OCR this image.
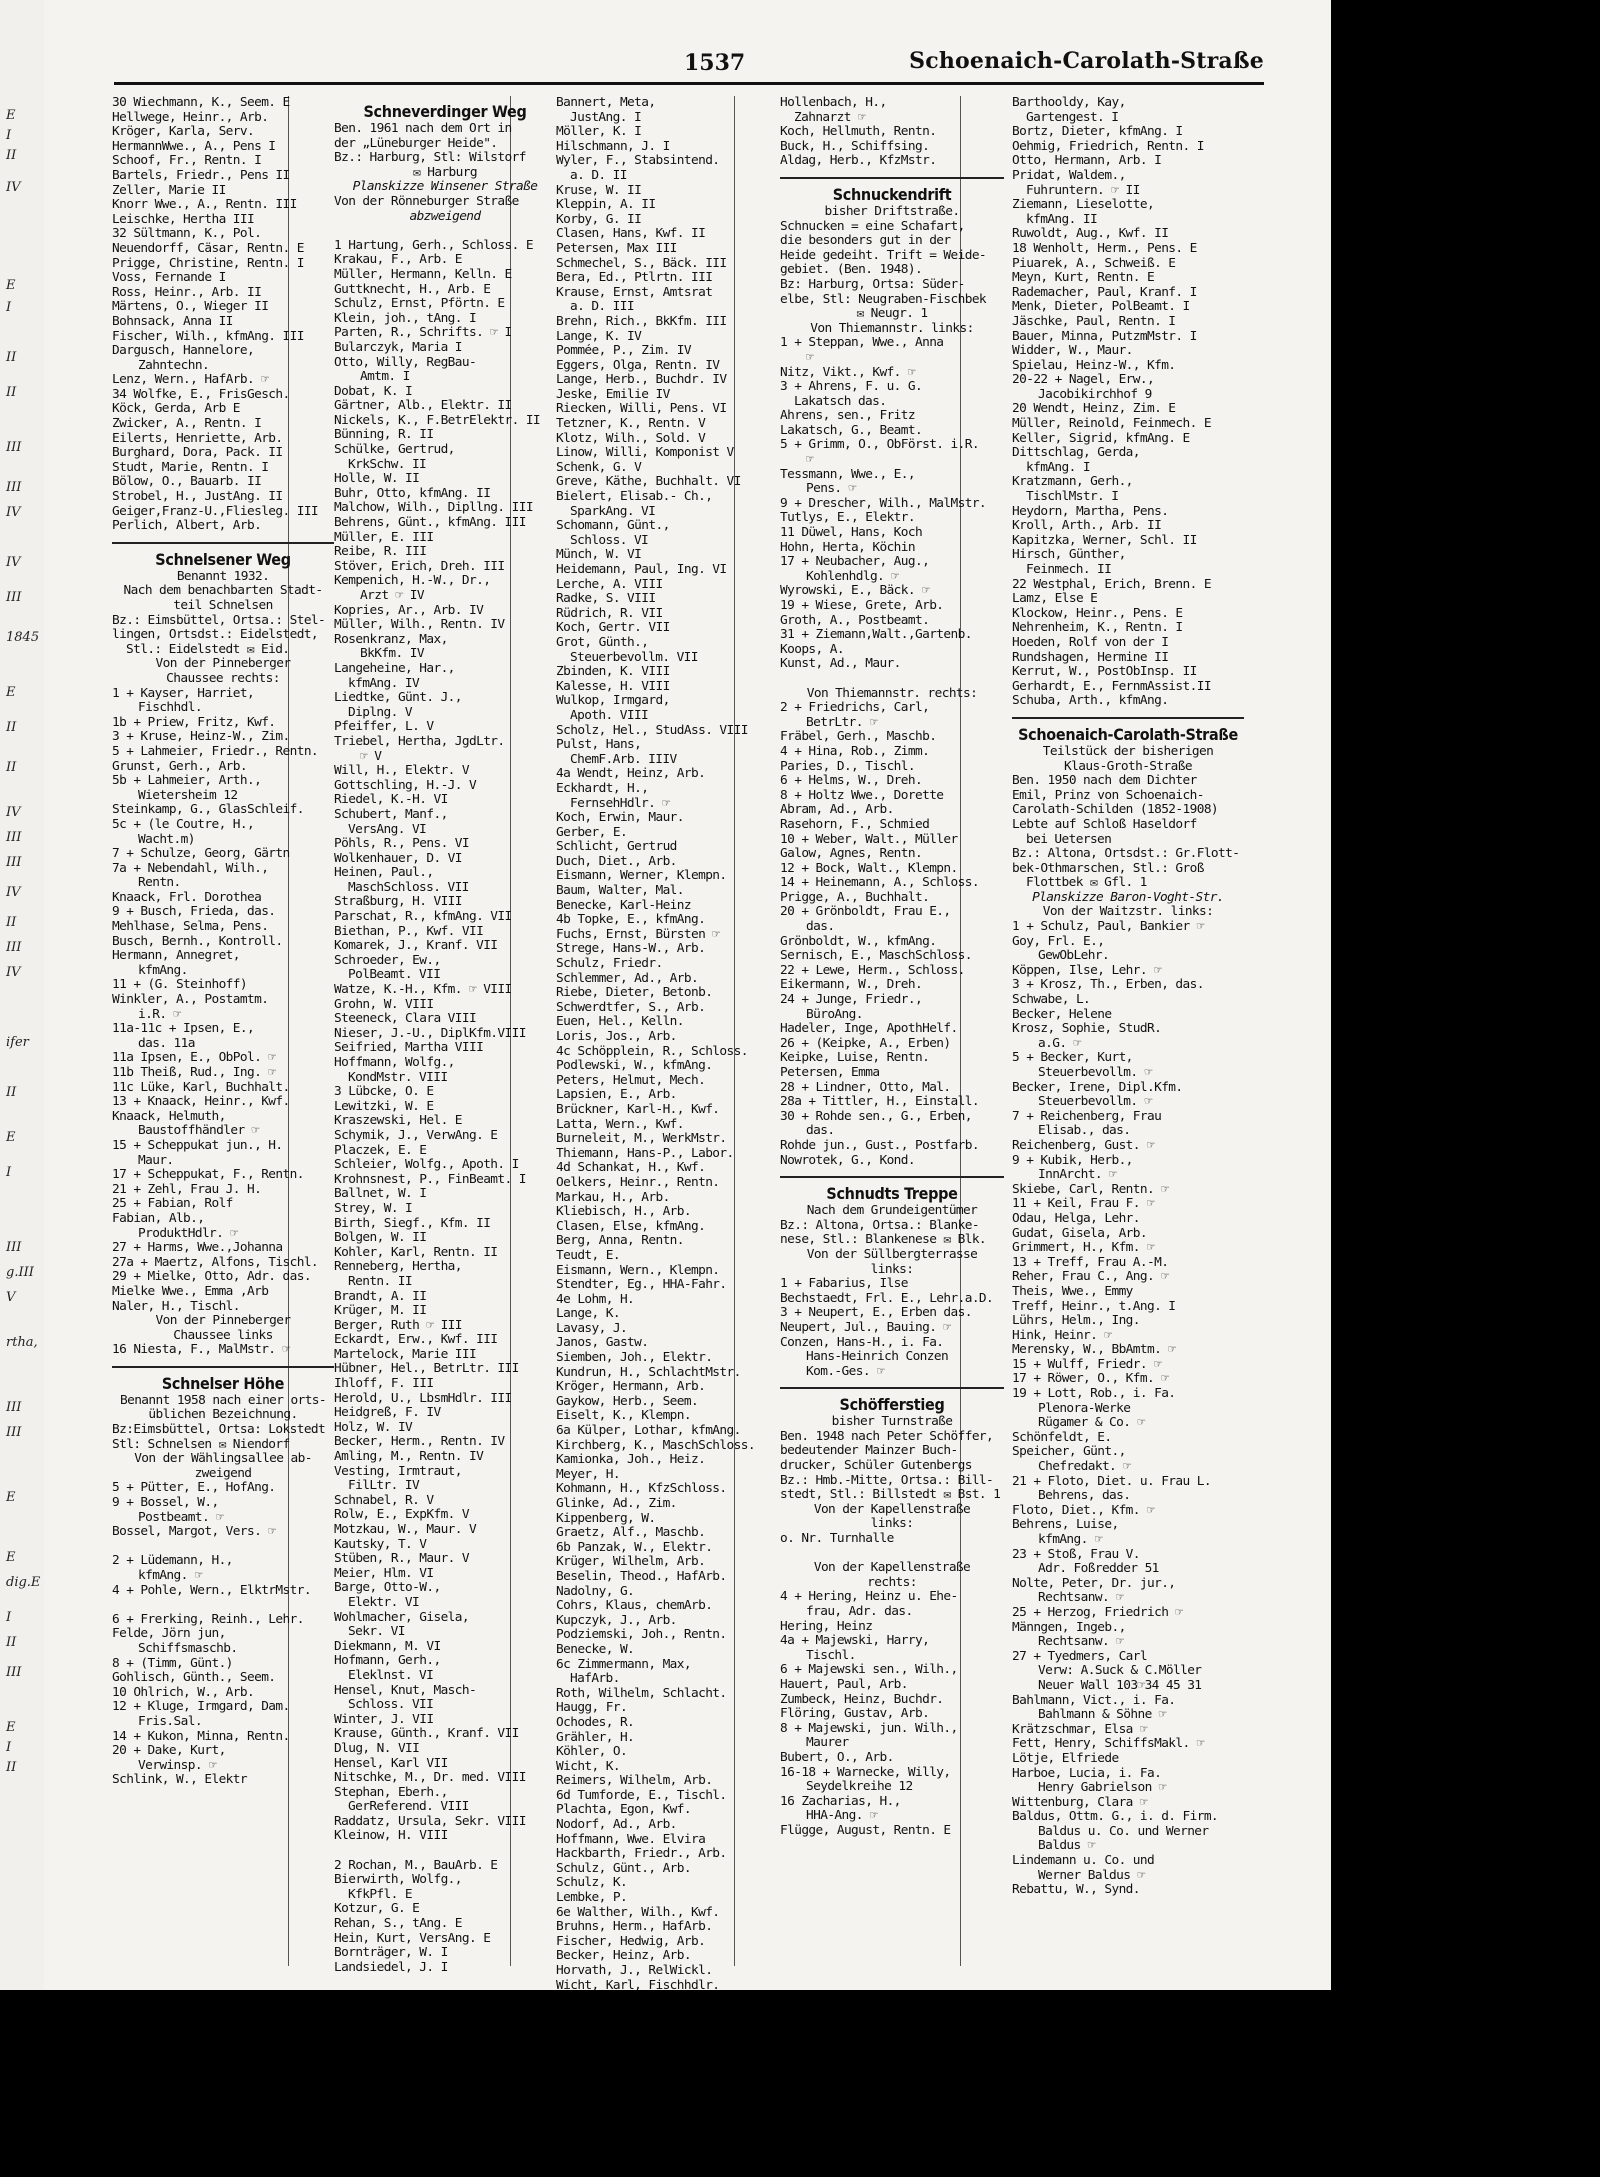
E
I
II
IV
E
I
II
II
III
III
IV
IV
III
1845
E
II
II
IV
III
III
IV
II
III
IV
ifer
II
E
I
III
g.III
V
rtha,
III
III
E
E
dig.E
I
II
III
E
I
II
1537	Schoenaich-Carolath-Straße
30 Wiechmann, K., Seem. E
Hellwege, Heinr., Arb.
Kröger, Karla, Serv.
HermannWwe., A., Pens I
Schoof, Fr., Rentn. I
Bartels, Friedr., Pens II
Zeller, Marie II
Knorr Wwe., A., Rentn. III
Leischke, Hertha III
32 Sültmann, K., Pol.
Neuendorff, Cäsar, Rentn. E
Prigge, Christine, Rentn. I
Voss, Fernande I
Ross, Heinr., Arb. II
Märtens, O., Wieger II
Bohnsack, Anna II
Fischer, Wilh., kfmAng. III
Dargusch, Hannelore,
Zahntechn.
Lenz, Wern., HafArb. ☞
34 Wolfke, E., FrisGesch.
Köck, Gerda, Arb E
Zwicker, A., Rentn. I
Eilerts, Henriette, Arb.
Burghard, Dora, Pack. II
Studt, Marie, Rentn. I
Bölow, O., Bauarb. II
Strobel, H., JustAng. II
Geiger,Franz-U.,Fliesleg. III
Perlich, Albert, Arb.
Schnelsener Weg
Benannt 1932.
Nach dem benachbarten Stadt-
teil Schnelsen
Bz.: Eimsbüttel, Ortsa.: Stel-
lingen, Ortsdst.: Eidelstedt,
Stl.: Eidelstedt ✉ Eid.
Von der Pinneberger
Chaussee rechts:
1 + Kayser, Harriet,
Fischhdl.
1b + Priew, Fritz, Kwf.
3 + Kruse, Heinz-W., Zim.
5 + Lahmeier, Friedr., Rentn.
Grunst, Gerh., Arb.
5b + Lahmeier, Arth.,
Wietersheim 12
Steinkamp, G., GlasSchleif.
5c + (le Coutre, H.,
Wacht.m)
7 + Schulze, Georg, Gärtn
7a + Nebendahl, Wilh.,
Rentn.
Knaack, Frl. Dorothea
9 + Busch, Frieda, das.
Mehlhase, Selma, Pens.
Busch, Bernh., Kontroll.
Hermann, Annegret,
kfmAng.
11 + (G. Steinhoff)
Winkler, A., Postamtm.
i.R. ☞
11a-11c + Ipsen, E.,
das. 11a
11a Ipsen, E., ObPol. ☞
11b Theiß, Rud., Ing. ☞
11c Lüke, Karl, Buchhalt.
13 + Knaack, Heinr., Kwf.
Knaack, Helmuth,
Baustoffhändler ☞
15 + Scheppukat jun., H.
Maur.
17 + Scheppukat, F., Rentn.
21 + Zehl, Frau J. H.
25 + Fabian, Rolf
Fabian, Alb.,
ProduktHdlr. ☞
27 + Harms, Wwe.,Johanna
27a + Maertz, Alfons, Tischl.
29 + Mielke, Otto, Adr. das.
Mielke Wwe., Emma ,Arb
Naler, H., Tischl.
Von der Pinneberger
Chaussee links
16 Niesta, F., MalMstr. ☞
Schnelser Höhe
Benannt 1958 nach einer orts-
üblichen Bezeichnung.
Bz:Eimsbüttel, Ortsa: Lokstedt
Stl: Schnelsen ✉ Niendorf
Von der Wählingsallee ab-
zweigend
5 + Pütter, E., HofAng.
9 + Bossel, W.,
Postbeamt. ☞
Bossel, Margot, Vers. ☞

2 + Lüdemann, H.,
kfmAng. ☞
4 + Pohle, Wern., ElktrMstr.

6 + Frerking, Reinh., Lehr.
Felde, Jörn jun,
Schiffsmaschb.
8 + (Timm, Günt.)
Gohlisch, Günth., Seem.
10 Ohlrich, W., Arb.
12 + Kluge, Irmgard, Dam.
Fris.Sal.
14 + Kukon, Minna, Rentn.
20 + Dake, Kurt,
Verwinsp. ☞
Schlink, W., Elektr
Schneverdinger Weg
Ben. 1961 nach dem Ort in
der „Lüneburger Heide".
Bz.: Harburg, Stl: Wilstorf
✉ Harburg
Planskizze Winsener Straße
Von der Rönneburger Straße
abzweigend

1 Hartung, Gerh., Schloss. E
Krakau, F., Arb. E
Müller, Hermann, Kelln. E
Guttknecht, H., Arb. E
Schulz, Ernst, Pförtn. E
Klein, joh., tAng. I
Parten, R., Schrifts. ☞ I
Bularczyk, Maria I
Otto, Willy, RegBau-
Amtm. I
Dobat, K. I
Gärtner, Alb., Elektr. II
Nickels, K., F.BetrElektr. II
Bünning, R. II
Schülke, Gertrud,
KrkSchw. II
Holle, W. II
Buhr, Otto, kfmAng. II
Malchow, Wilh., Dipllng. III
Behrens, Günt., kfmAng. III
Müller, E. III
Reibe, R. III
Stöver, Erich, Dreh. III
Kempenich, H.-W., Dr.,
Arzt ☞ IV
Kopries, Ar., Arb. IV
Müller, Wilh., Rentn. IV
Rosenkranz, Max,
BkKfm. IV
Langeheine, Har.,
kfmAng. IV
Liedtke, Günt. J.,
Diplng. V
Pfeiffer, L. V
Triebel, Hertha, JgdLtr.
☞ V
Will, H., Elektr. V
Gottschling, H.-J. V
Riedel, K.-H. VI
Schubert, Manf.,
VersAng. VI
Pöhls, R., Pens. VI
Wolkenhauer, D. VI
Heinen, Paul.,
MaschSchloss. VII
Straßburg, H. VIII
Parschat, R., kfmAng. VII
Biethan, P., Kwf. VII
Komarek, J., Kranf. VII
Schroeder, Ew.,
PolBeamt. VII
Watze, K.-H., Kfm. ☞ VIII
Grohn, W. VIII
Steeneck, Clara VIII
Nieser, J.-U., DiplKfm.VIII
Seifried, Martha VIII
Hoffmann, Wolfg.,
KondMstr. VIII
3 Lübcke, O. E
Lewitzki, W. E
Kraszewski, Hel. E
Schymik, J., VerwAng. E
Placzek, E. E
Schleier, Wolfg., Apoth. I
Krohnsnest, P., FinBeamt. I
Ballnet, W. I
Strey, W. I
Birth, Siegf., Kfm. II
Bolgen, W. II
Kohler, Karl, Rentn. II
Renneberg, Hertha,
Rentn. II
Brandt, A. II
Krüger, M. II
Berger, Ruth ☞ III
Eckardt, Erw., Kwf. III
Martelock, Marie III
Hübner, Hel., BetrLtr. III
Ihloff, F. III
Herold, U., LbsmHdlr. III
Heidgreß, F. IV
Holz, W. IV
Becker, Herm., Rentn. IV
Amling, M., Rentn. IV
Vesting, Irmtraut,
FilLtr. IV
Schnabel, R. V
Rolw, E., ExpKfm. V
Motzkau, W., Maur. V
Kautsky, T. V
Stüben, R., Maur. V
Meier, Hlm. VI
Barge, Otto-W.,
Elektr. VI
Wohlmacher, Gisela,
Sekr. VI
Diekmann, M. VI
Hofmann, Gerh.,
Eleklnst. VI
Hensel, Knut, Masch-
Schloss. VII
Winter, J. VII
Krause, Günth., Kranf. VII
Dlug, N. VII
Hensel, Karl VII
Nitschke, M., Dr. med. VIII
Stephan, Eberh.,
GerReferend. VIII
Raddatz, Ursula, Sekr. VIII
Kleinow, H. VIII

2 Rochan, M., BauArb. E
Bierwirth, Wolfg.,
KfkPfl. E
Kotzur, G. E
Rehan, S., tAng. E
Hein, Kurt, VersAng. E
Bornträger, W. I
Landsiedel, J. I
Bannert, Meta,
JustAng. I
Möller, K. I
Hilschmann, J. I
Wyler, F., Stabsintend.
a. D. II
Kruse, W. II
Kleppin, A. II
Korby, G. II
Clasen, Hans, Kwf. II
Petersen, Max III
Schmechel, S., Bäck. III
Bera, Ed., Ptlrtn. III
Krause, Ernst, Amtsrat
a. D. III
Brehn, Rich., BkKfm. III
Lange, K. IV
Pommée, P., Zim. IV
Eggers, Olga, Rentn. IV
Lange, Herb., Buchdr. IV
Jeske, Emilie IV
Riecken, Willi, Pens. VI
Tetzner, K., Rentn. V
Klotz, Wilh., Sold. V
Linow, Willi, Komponist V
Schenk, G. V
Greve, Käthe, Buchhalt. VI
Bielert, Elisab.- Ch.,
SparkAng. VI
Schomann, Günt.,
Schloss. VI
Münch, W. VI
Heidemann, Paul, Ing. VI
Lerche, A. VIII
Radke, S. VIII
Rüdrich, R. VII
Koch, Gertr. VII
Grot, Günth.,
Steuerbevollm. VII
Zbinden, K. VIII
Kalesse, H. VIII
Wulkop, Irmgard,
Apoth. VIII
Scholz, Hel., StudAss. VIII
Pulst, Hans,
ChemF.Arb. IIIV
4a Wendt, Heinz, Arb.
Eckhardt, H.,
FernsehHdlr. ☞
Koch, Erwin, Maur.
Gerber, E.
Schlicht, Gertrud
Duch, Diet., Arb.
Eismann, Werner, Klempn.
Baum, Walter, Mal.
Benecke, Karl-Heinz
4b Topke, E., kfmAng.
Fuchs, Ernst, Bürsten ☞
Strege, Hans-W., Arb.
Schulz, Friedr.
Schlemmer, Ad., Arb.
Riebe, Dieter, Betonb.
Schwerdtfer, S., Arb.
Euen, Hel., Kelln.
Loris, Jos., Arb.
4c Schöpplein, R., Schloss.
Podlewski, W., kfmAng.
Peters, Helmut, Mech.
Lapsien, E., Arb.
Brückner, Karl-H., Kwf.
Latta, Wern., Kwf.
Burneleit, M., WerkMstr.
Thiemann, Hans-P., Labor.
4d Schankat, H., Kwf.
Oelkers, Heinr., Rentn.
Markau, H., Arb.
Kliebisch, H., Arb.
Clasen, Else, kfmAng.
Berg, Anna, Rentn.
Teudt, E.
Eismann, Wern., Klempn.
Stendter, Eg., HHA-Fahr.
4e Lohm, H.
Lange, K.
Lavasy, J.
Janos, Gastw.
Siemben, Joh., Elektr.
Kundrun, H., SchlachtMstr.
Kröger, Hermann, Arb.
Gaykow, Herb., Seem.
Eiselt, K., Klempn.
6a Külper, Lothar, kfmAng.
Kirchberg, K., MaschSchloss.
Kamionka, Joh., Heiz.
Meyer, H.
Kohmann, H., KfzSchloss.
Glinke, Ad., Zim.
Kippenberg, W.
Graetz, Alf., Maschb.
6b Panzak, W., Elektr.
Krüger, Wilhelm, Arb.
Beselin, Theod., HafArb.
Nadolny, G.
Cohrs, Klaus, chemArb.
Kupczyk, J., Arb.
Podziemski, Joh., Rentn.
Benecke, W.
6c Zimmermann, Max,
HafArb.
Roth, Wilhelm, Schlacht.
Haugg, Fr.
Ochodes, R.
Grähler, H.
Köhler, O.
Wicht, K.
Reimers, Wilhelm, Arb.
6d Tumforde, E., Tischl.
Plachta, Egon, Kwf.
Nodorf, Ad., Arb.
Hoffmann, Wwe. Elvira
Hackbarth, Friedr., Arb.
Schulz, Günt., Arb.
Schulz, K.
Lembke, P.
6e Walther, Wilh., Kwf.
Bruhns, Herm., HafArb.
Fischer, Hedwig, Arb.
Becker, Heinz, Arb.
Horvath, J., RelWickl.
Wicht, Karl, Fischhdlr.
Hollenbach, H.,
Zahnarzt ☞
Koch, Hellmuth, Rentn.
Buck, H., Schiffsing.
Aldag, Herb., KfzMstr.
Schnuckendrift
bisher Driftstraße.
Schnucken = eine Schafart,
die besonders gut in der
Heide gedeiht. Trift = Weide-
gebiet. (Ben. 1948).
Bz: Harburg, Ortsa: Süder-
elbe, Stl: Neugraben-Fischbek
✉ Neugr. 1
Von Thiemannstr. links:
1 + Steppan, Wwe., Anna
☞
Nitz, Vikt., Kwf. ☞
3 + Ahrens, F. u. G.
Lakatsch das.
Ahrens, sen., Fritz
Lakatsch, G., Beamt.
5 + Grimm, O., ObFörst. i.R.
☞
Tessmann, Wwe., E.,
Pens. ☞
9 + Drescher, Wilh., MalMstr.
Tutlys, E., Elektr.
11 Düwel, Hans, Koch
Hohn, Herta, Köchin
17 + Neubacher, Aug.,
Kohlenhdlg. ☞
Wyrowski, E., Bäck. ☞
19 + Wiese, Grete, Arb.
Groth, A., Postbeamt.
31 + Ziemann,Walt.,Gartenb.
Koops, A.
Kunst, Ad., Maur.

Von Thiemannstr. rechts:
2 + Friedrichs, Carl,
BetrLtr. ☞
Fräbel, Gerh., Maschb.
4 + Hina, Rob., Zimm.
Paries, D., Tischl.
6 + Helms, W., Dreh.
8 + Holtz Wwe., Dorette
Abram, Ad., Arb.
Rasehorn, F., Schmied
10 + Weber, Walt., Müller
Galow, Agnes, Rentn.
12 + Bock, Walt., Klempn.
14 + Heinemann, A., Schloss.
Prigge, A., Buchhalt.
20 + Grönboldt, Frau E.,
das.
Grönboldt, W., kfmAng.
Sernisch, E., MaschSchloss.
22 + Lewe, Herm., Schloss.
Eikermann, W., Dreh.
24 + Junge, Friedr.,
BüroAng.
Hadeler, Inge, ApothHelf.
26 + (Keipke, A., Erben)
Keipke, Luise, Rentn.
Petersen, Emma
28 + Lindner, Otto, Mal.
28a + Tittler, H., Einstall.
30 + Rohde sen., G., Erben,
das.
Rohde jun., Gust., Postfarb.
Nowrotek, G., Kond.
Schnudts Treppe
Nach dem Grundeigentümer
Bz.: Altona, Ortsa.: Blanke-
nese, Stl.: Blankenese ✉ Blk.
Von der Süllbergterrasse
links:
1 + Fabarius, Ilse
Bechstaedt, Frl. E., Lehr.a.D.
3 + Neupert, E., Erben das.
Neupert, Jul., Bauing. ☞
Conzen, Hans-H., i. Fa.
Hans-Heinrich Conzen
Kom.-Ges. ☞
Schöfferstieg
bisher Turnstraße
Ben. 1948 nach Peter Schöffer,
bedeutender Mainzer Buch-
drucker, Schüler Gutenbergs
Bz.: Hmb.-Mitte, Ortsa.: Bill-
stedt, Stl.: Billstedt ✉ Bst. 1
Von der Kapellenstraße
links:
o. Nr. Turnhalle

Von der Kapellenstraße
rechts:
4 + Hering, Heinz u. Ehe-
frau, Adr. das.
Hering, Heinz
4a + Majewski, Harry,
Tischl.
6 + Majewski sen., Wilh.,
Hauert, Paul, Arb.
Zumbeck, Heinz, Buchdr.
Flöring, Gustav, Arb.
8 + Majewski, jun. Wilh.,
Maurer
Bubert, O., Arb.
16-18 + Warnecke, Willy,
Seydelkreihe 12
16 Zacharias, H.,
HHA-Ang. ☞
Flügge, August, Rentn. E
Barthooldy, Kay,
Gartengest. I
Bortz, Dieter, kfmAng. I
Oehmig, Friedrich, Rentn. I
Otto, Hermann, Arb. I
Pridat, Waldem.,
Fuhruntern. ☞ II
Ziemann, Lieselotte,
kfmAng. II
Ruwoldt, Aug., Kwf. II
18 Wenholt, Herm., Pens. E
Piuarek, A., Schweiß. E
Meyn, Kurt, Rentn. E
Rademacher, Paul, Kranf. I
Menk, Dieter, PolBeamt. I
Jäschke, Paul, Rentn. I
Bauer, Minna, PutzmMstr. I
Widder, W., Maur.
Spielau, Heinz-W., Kfm.
20-22 + Nagel, Erw.,
Jacobikirchhof 9
20 Wendt, Heinz, Zim. E
Müller, Reinold, Feinmech. E
Keller, Sigrid, kfmAng. E
Dittschlag, Gerda,
kfmAng. I
Kratzmann, Gerh.,
TischlMstr. I
Heydorn, Martha, Pens.
Kroll, Arth., Arb. II
Kapitzka, Werner, Schl. II
Hirsch, Günther,
Feinmech. II
22 Westphal, Erich, Brenn. E
Lamz, Else E
Klockow, Heinr., Pens. E
Nehrenheim, K., Rentn. I
Hoeden, Rolf von der I
Rundshagen, Hermine II
Kerrut, W., PostObInsp. II
Gerhardt, E., FernmAssist.II
Schuba, Arth., kfmAng.
Schoenaich-Carolath-Straße
Teilstück der bisherigen
Klaus-Groth-Straße
Ben. 1950 nach dem Dichter
Emil, Prinz von Schoenaich-
Carolath-Schilden (1852-1908)
Lebte auf Schloß Haseldorf
bei Uetersen
Bz.: Altona, Ortsdst.: Gr.Flott-
bek-Othmarschen, Stl.: Groß
Flottbek ✉ Gfl. 1
Planskizze Baron-Voght-Str.
Von der Waitzstr. links:
1 + Schulz, Paul, Bankier ☞
Goy, Frl. E.,
GewObLehr.
Köppen, Ilse, Lehr. ☞
3 + Krosz, Th., Erben, das.
Schwabe, L.
Becker, Helene
Krosz, Sophie, StudR.
a.G. ☞
5 + Becker, Kurt,
Steuerbevollm. ☞
Becker, Irene, Dipl.Kfm.
Steuerbevollm. ☞
7 + Reichenberg, Frau
Elisab., das.
Reichenberg, Gust. ☞
9 + Kubik, Herb.,
InnArcht. ☞
Skiebe, Carl, Rentn. ☞
11 + Keil, Frau F. ☞
Odau, Helga, Lehr.
Gudat, Gisela, Arb.
Grimmert, H., Kfm. ☞
13 + Treff, Frau A.-M.
Reher, Frau C., Ang. ☞
Theis, Wwe., Emmy
Treff, Heinr., t.Ang. I
Lührs, Helm., Ing.
Hink, Heinr. ☞
Merensky, W., BbAmtm. ☞
15 + Wulff, Friedr. ☞
17 + Röwer, O., Kfm. ☞
19 + Lott, Rob., i. Fa.
Plenora-Werke
Rügamer & Co. ☞
Schönfeldt, E.
Speicher, Günt.,
Chefredakt. ☞
21 + Floto, Diet. u. Frau L.
Behrens, das.
Floto, Diet., Kfm. ☞
Behrens, Luise,
kfmAng. ☞
23 + Stoß, Frau V.
Adr. Foßredder 51
Nolte, Peter, Dr. jur.,
Rechtsanw. ☞
25 + Herzog, Friedrich ☞
Männgen, Ingeb.,
Rechtsanw. ☞
27 + Tyedmers, Carl
Verw: A.Suck & C.Möller
Neuer Wall 103☞34 45 31
Bahlmann, Vict., i. Fa.
Bahlmann & Söhne ☞
Krätzschmar, Elsa ☞
Fett, Henry, SchiffsMakl. ☞
Lötje, Elfriede
Harboe, Lucia, i. Fa.
Henry Gabrielson ☞
Wittenburg, Clara ☞
Baldus, Ottm. G., i. d. Firm.
Baldus u. Co. und Werner
Baldus ☞
Lindemann u. Co. und
Werner Baldus ☞
Rebattu, W., Synd.
